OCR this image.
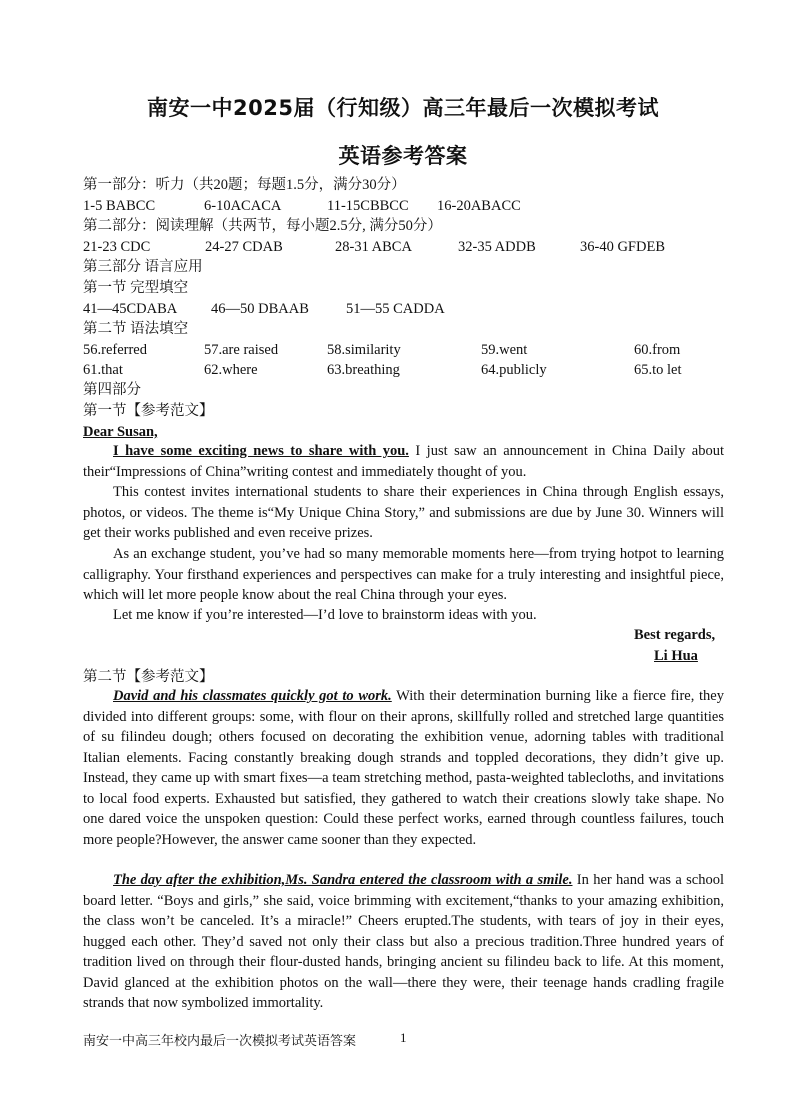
南安一中2025届（行知级）高三年最后一次模拟考试
英语参考答案
第一部分：听力（共20题；每题1.5分，满分30分）
1-5 BABCC	6-10ACACA	11-15CBBCC 16-20ABACC
第二部分：阅读理解（共两节，每小题2.5分, 满分50分）
21-23 CDC	24-27 CDAB	28-31 ABCA	32-35 ADDB	36-40 GFDEB
第三部分 语言应用
第一节 完型填空
41—45CDABA 46—50 DBAAB	51—55 CADDA
第二节 语法填空
56.referred	57.are raised	58.similarity	59.went	60.from
61.that	62.where	63.breathing	64.publicly	65.to let
第四部分
第一节【参考范文】
Dear Susan,

I have some exciting news to share with you. I just saw an announcement in China Daily about their“Impressions of China”writing contest and immediately thought of you.

This contest invites international students to share their experiences in China through English essays, photos, or videos. The theme is“My Unique China Story,” and submissions are due by June 30. Winners will get their works published and even receive prizes.

As an exchange student, you’ve had so many memorable moments here—from trying hotpot to learning calligraphy. Your firsthand experiences and perspectives can make for a truly interesting and insightful piece, which will let more people know about the real China through your eyes.

Let me know if you’re interested—I’d love to brainstorm ideas with you.

Best regards,
Li Hua
第二节【参考范文】

David and his classmates quickly got to work. With their determination burning like a fierce fire, they divided into different groups: some, with flour on their aprons, skillfully rolled and stretched large quantities of su filindeu dough; others focused on decorating the exhibition venue, adorning tables with traditional Italian elements. Facing constantly breaking dough strands and toppled decorations, they didn’t give up. Instead, they came up with smart fixes—a team stretching method, pasta-weighted tablecloths, and invitations to local food experts. Exhausted but satisfied, they gathered to watch their creations slowly take shape. No one dared voice the unspoken question: Could these perfect works, earned through countless failures, touch more people?However, the answer came sooner than they expected.

The day after the exhibition,Ms. Sandra entered the classroom with a smile. In her hand was a school board letter. “Boys and girls,” she said, voice brimming with excitement,“thanks to your amazing exhibition, the class won’t be canceled. It’s a miracle!” Cheers erupted.The students, with tears of joy in their eyes, hugged each other. They’d saved not only their class but also a precious tradition.Three hundred years of tradition lived on through their flour-dusted hands, bringing ancient su filindeu back to life. At this moment, David glanced at the exhibition photos on the wall—there they were, their teenage hands cradling fragile strands that now symbolized immortality.

南安一中高三年校内最后一次模拟考试英语答案	1
